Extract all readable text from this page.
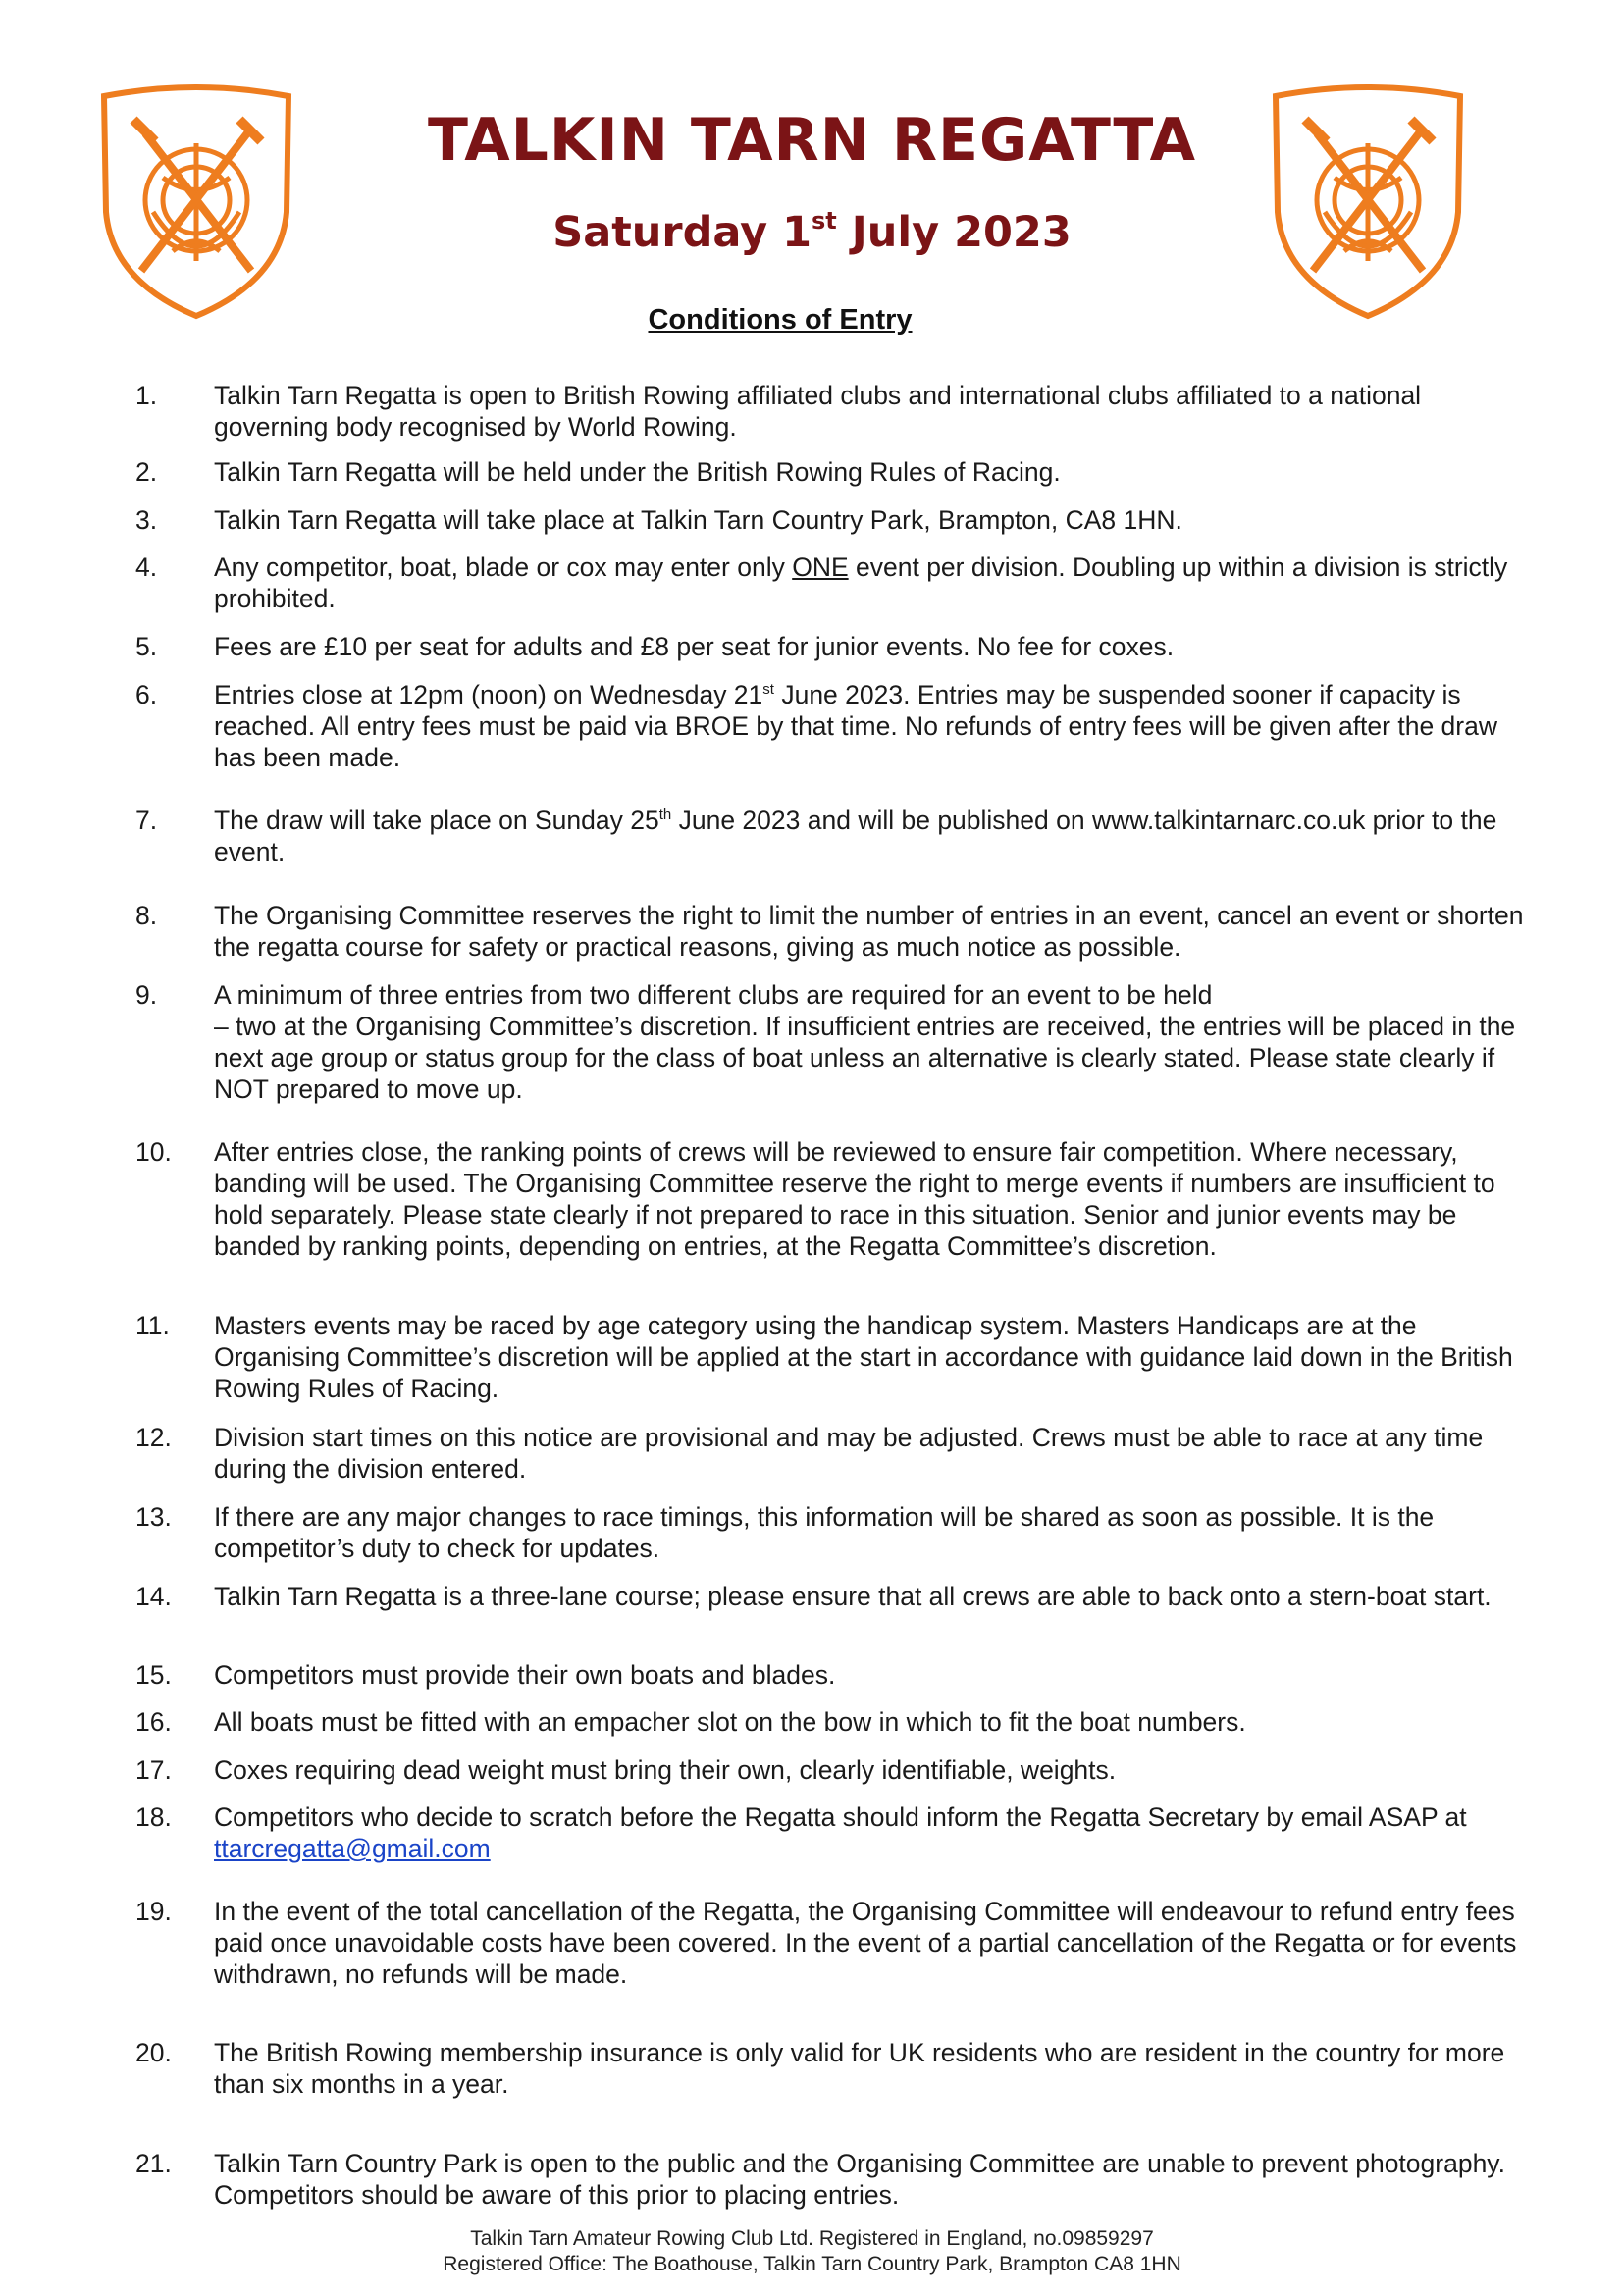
TALKIN TARN REGATTA
Saturday 1st July 2023
Conditions of Entry
1.	Talkin Tarn Regatta is open to British Rowing affiliated clubs and international clubs affiliated to a national governing body recognised by World Rowing.
2.	Talkin Tarn Regatta will be held under the British Rowing Rules of Racing.
3.	Talkin Tarn Regatta will take place at Talkin Tarn Country Park, Brampton, CA8 1HN.
4.	Any competitor, boat, blade or cox may enter only ONE event per division. Doubling up within a division is strictly prohibited.
5.	Fees are £10 per seat for adults and £8 per seat for junior events. No fee for coxes.
6.	Entries close at 12pm (noon) on Wednesday 21st June 2023. Entries may be suspended sooner if capacity is reached. All entry fees must be paid via BROE by that time. No refunds of entry fees will be given after the draw has been made.
7.	The draw will take place on Sunday 25th June 2023 and will be published on www.talkintarnarc.co.uk prior to the event.
8.	The Organising Committee reserves the right to limit the number of entries in an event, cancel an event or shorten the regatta course for safety or practical reasons, giving as much notice as possible.
9.	A minimum of three entries from two different clubs are required for an event to be held
– two at the Organising Committee’s discretion. If insufficient entries are received, the entries will be placed in the next age group or status group for the class of boat unless an alternative is clearly stated. Please state clearly if NOT prepared to move up.
10.	After entries close, the ranking points of crews will be reviewed to ensure fair competition. Where necessary, banding will be used. The Organising Committee reserve the right to merge events if numbers are insufficient to hold separately. Please state clearly if not prepared to race in this situation. Senior and junior events may be banded by ranking points, depending on entries, at the Regatta Committee’s discretion.
11.	Masters events may be raced by age category using the handicap system. Masters Handicaps are at the Organising Committee’s discretion will be applied at the start in accordance with guidance laid down in the British Rowing Rules of Racing.
12.	Division start times on this notice are provisional and may be adjusted. Crews must be able to race at any time during the division entered.
13.	If there are any major changes to race timings, this information will be shared as soon as possible. It is the competitor’s duty to check for updates.
14.	Talkin Tarn Regatta is a three-lane course; please ensure that all crews are able to back onto a stern-boat start.
15.	Competitors must provide their own boats and blades.
16.	All boats must be fitted with an empacher slot on the bow in which to fit the boat numbers.
17.	Coxes requiring dead weight must bring their own, clearly identifiable, weights.
18.	Competitors who decide to scratch before the Regatta should inform the Regatta Secretary by email ASAP at ttarcregatta@gmail.com
19.	In the event of the total cancellation of the Regatta, the Organising Committee will endeavour to refund entry fees paid once unavoidable costs have been covered. In the event of a partial cancellation of the Regatta or for events withdrawn, no refunds will be made.
20.	The British Rowing membership insurance is only valid for UK residents who are resident in the country for more than six months in a year.
21.	Talkin Tarn Country Park is open to the public and the Organising Committee are unable to prevent photography. Competitors should be aware of this prior to placing entries.
Talkin Tarn Amateur Rowing Club Ltd. Registered in England, no.09859297
Registered Office: The Boathouse, Talkin Tarn Country Park, Brampton CA8 1HN
